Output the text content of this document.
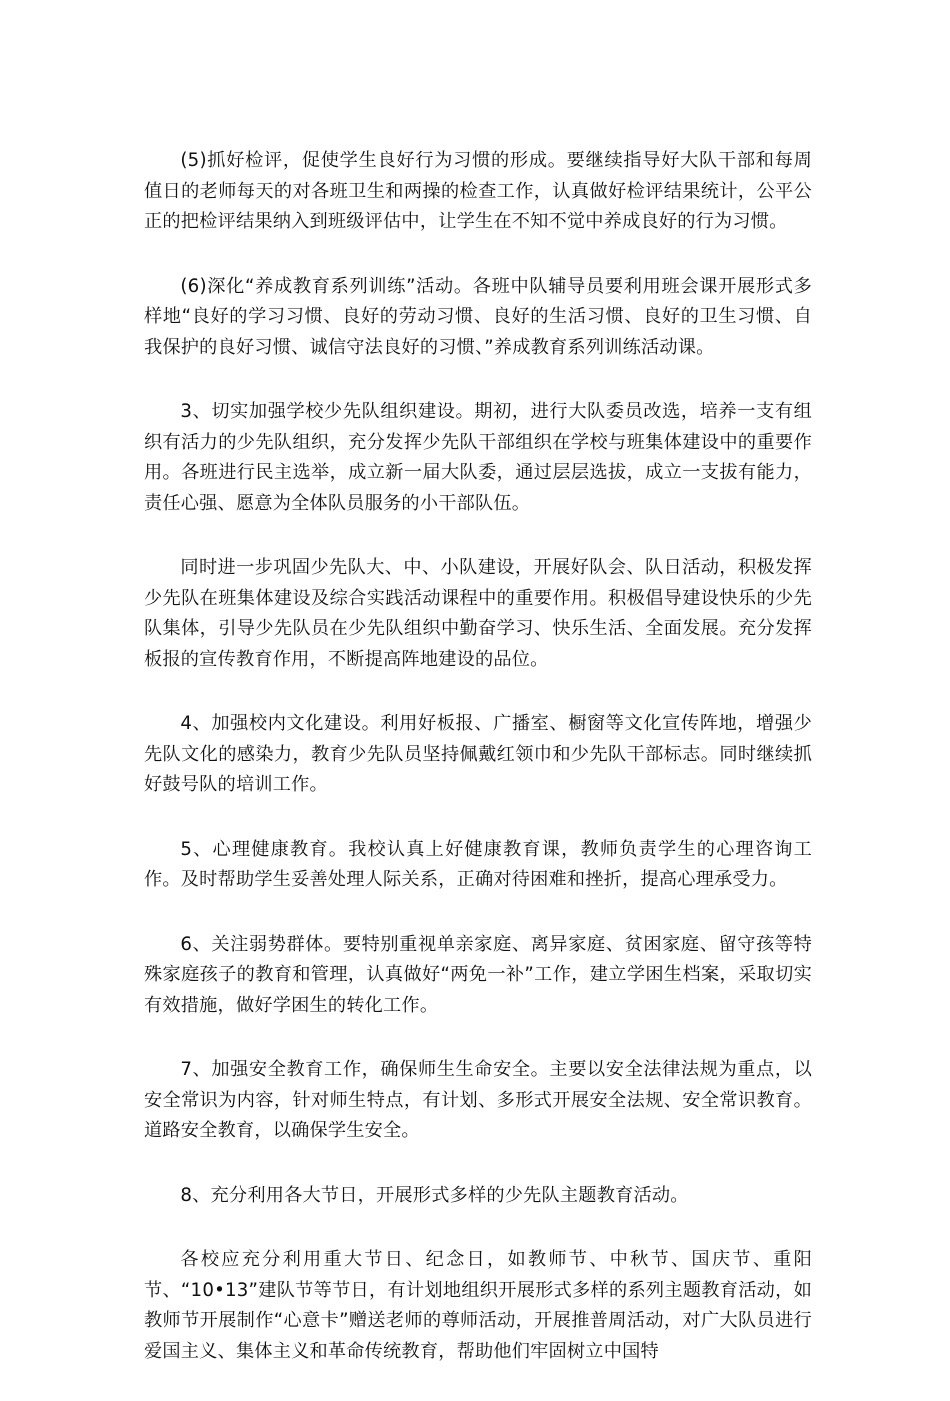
(5)抓好检评，促使学生良好行为习惯的形成。要继续指导好大队干部和每周值日的老师每天的对各班卫生和两操的检查工作，认真做好检评结果统计，公平公正的把检评结果纳入到班级评估中，让学生在不知不觉中养成良好的行为习惯。

(6)深化“养成教育系列训练”活动。各班中队辅导员要利用班会课开展形式多样地“良好的学习习惯、良好的劳动习惯、良好的生活习惯、良好的卫生习惯、自我保护的良好习惯、诚信守法良好的习惯、”养成教育系列训练活动课。

3、切实加强学校少先队组织建设。期初，进行大队委员改选，培养一支有组织有活力的少先队组织，充分发挥少先队干部组织在学校与班集体建设中的重要作用。各班进行民主选举，成立新一届大队委，通过层层选拔，成立一支拔有能力，责任心强、愿意为全体队员服务的小干部队伍。

同时进一步巩固少先队大、中、小队建设，开展好队会、队日活动，积极发挥少先队在班集体建设及综合实践活动课程中的重要作用。积极倡导建设快乐的少先队集体，引导少先队员在少先队组织中勤奋学习、快乐生活、全面发展。充分发挥板报的宣传教育作用，不断提高阵地建设的品位。

4、加强校内文化建设。利用好板报、广播室、橱窗等文化宣传阵地，增强少先队文化的感染力，教育少先队员坚持佩戴红领巾和少先队干部标志。同时继续抓好鼓号队的培训工作。

5、心理健康教育。我校认真上好健康教育课，教师负责学生的心理咨询工作。及时帮助学生妥善处理人际关系，正确对待困难和挫折，提高心理承受力。

6、关注弱势群体。要特别重视单亲家庭、离异家庭、贫困家庭、留守孩等特殊家庭孩子的教育和管理，认真做好“两免一补”工作，建立学困生档案，采取切实有效措施，做好学困生的转化工作。

7、加强安全教育工作，确保师生生命安全。主要以安全法律法规为重点，以安全常识为内容，针对师生特点，有计划、多形式开展安全法规、安全常识教育。道路安全教育，以确保学生安全。

8、充分利用各大节日，开展形式多样的少先队主题教育活动。

各校应充分利用重大节日、纪念日，如教师节、中秋节、国庆节、重阳节、“10•13”建队节等节日，有计划地组织开展形式多样的系列主题教育活动，如教师节开展制作“心意卡”赠送老师的尊师活动，开展推普周活动，对广大队员进行爱国主义、集体主义和革命传统教育，帮助他们牢固树立中国特
